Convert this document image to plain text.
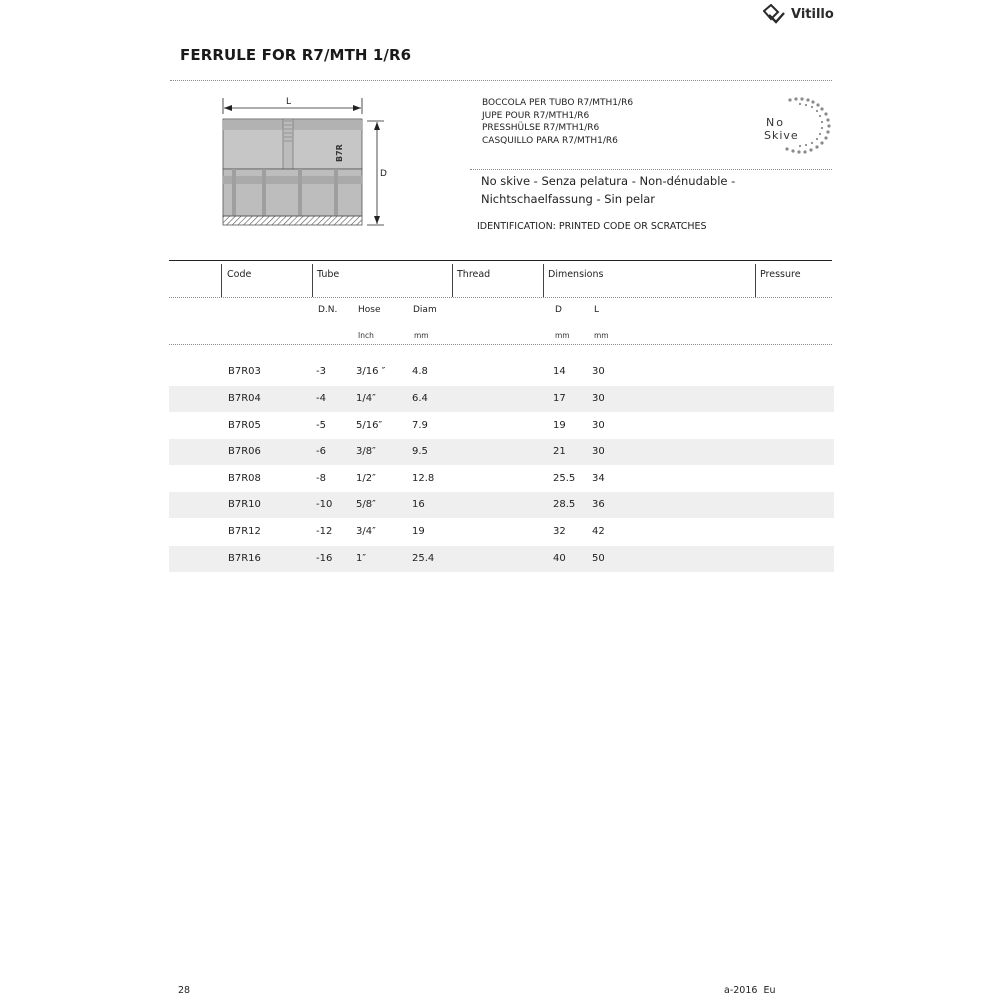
Vitillo
FERRULE FOR R7/MTH 1/R6
L
D
B7R
BOCCOLA PER TUBO R7/MTH1/R6
JUPE POUR R7/MTH1/R6
PRESSHÜLSE R7/MTH1/R6
CASQUILLO PARA R7/MTH1/R6
No
Skive
No skive - Senza pelatura - Non-dénudable -
Nichtschaelfassung - Sin pelar
IDENTIFICATION: PRINTED CODE OR SCRATCHES
Code	Tube	Thread	Dimensions	Pressure
D.N. Hose	Diam	D	L
Inch	mm	mm	mm
B7R03	-3	3/16 ″	4.8	14	30
B7R04	-4	1/4″	6.4	17	30
B7R05	-5	5/16″	7.9	19	30
B7R06	-6	3/8″	9.5	21	30
B7R08	-8	1/2″	12.8	25.5 34
B7R10	-10 5/8″	16	28.5 36
B7R12	-12 3/4″	19	32	42
B7R16	-16 1″	25.4	40	50
28	a-2016  Eu
